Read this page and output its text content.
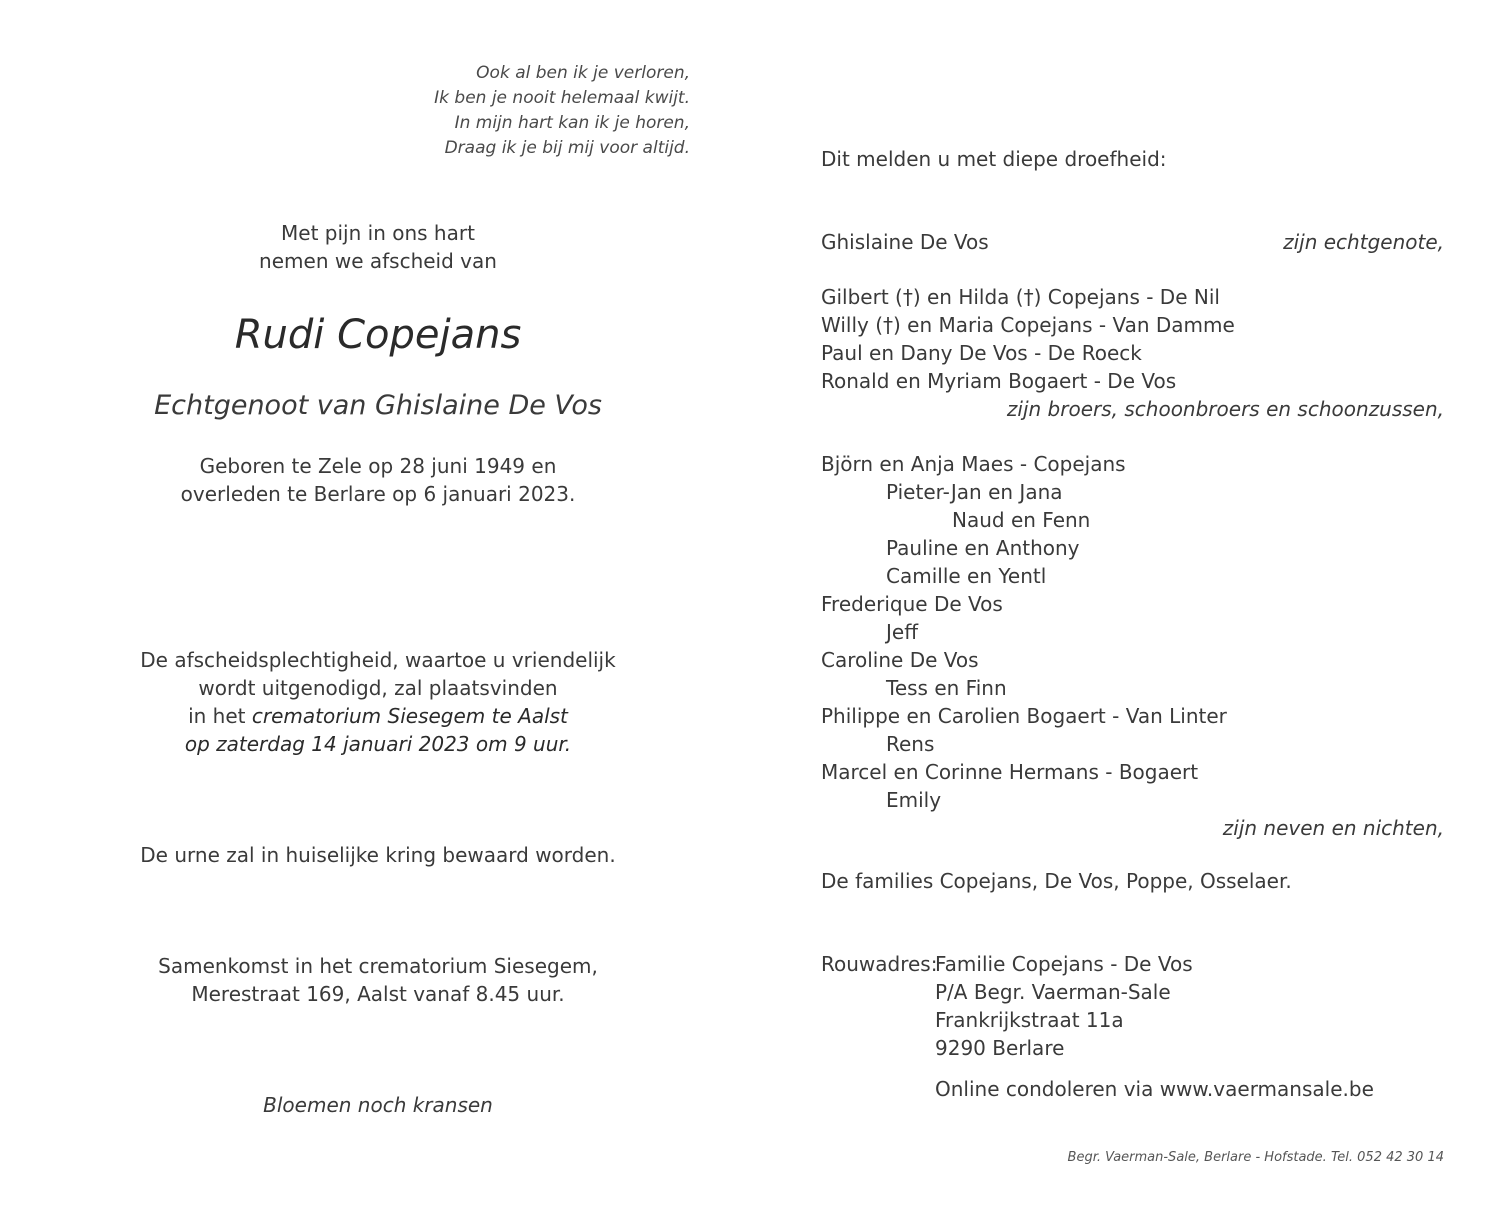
Ook al ben ik je verloren,
Ik ben je nooit helemaal kwijt.
In mijn hart kan ik je horen,
Draag ik je bij mij voor altijd.
Met pijn in ons hart
nemen we afscheid van
Rudi Copejans
Echtgenoot van Ghislaine De Vos
Geboren te Zele op 28 juni 1949 en
overleden te Berlare op 6 januari 2023.
De afscheidsplechtigheid, waartoe u vriendelijk
wordt uitgenodigd, zal plaatsvinden
in het crematorium Siesegem te Aalst
op zaterdag 14 januari 2023 om 9 uur.
De urne zal in huiselijke kring bewaard worden.
Samenkomst in het crematorium Siesegem,
Merestraat 169, Aalst vanaf 8.45 uur.
Bloemen noch kransen
Dit melden u met diepe droefheid:
Ghislaine De Vos	zijn echtgenote,
Gilbert (†) en Hilda (†) Copejans - De Nil
Willy (†) en Maria Copejans - Van Damme
Paul en Dany De Vos - De Roeck
Ronald en Myriam Bogaert - De Vos
zijn broers, schoonbroers en schoonzussen,
Björn en Anja Maes - Copejans
Pieter-Jan en Jana
Naud en Fenn
Pauline en Anthony
Camille en Yentl
Frederique De Vos
Jeff
Caroline De Vos
Tess en Finn
Philippe en Carolien Bogaert - Van Linter
Rens
Marcel en Corinne Hermans - Bogaert
Emily
zijn neven en nichten,
De families Copejans, De Vos, Poppe, Osselaer.
Rouwadres:Familie Copejans - De Vos
P/A Begr. Vaerman-Sale
Frankrijkstraat 11a
9290 Berlare
Online condoleren via www.vaermansale.be
Begr. Vaerman-Sale, Berlare - Hofstade. Tel. 052 42 30 14
